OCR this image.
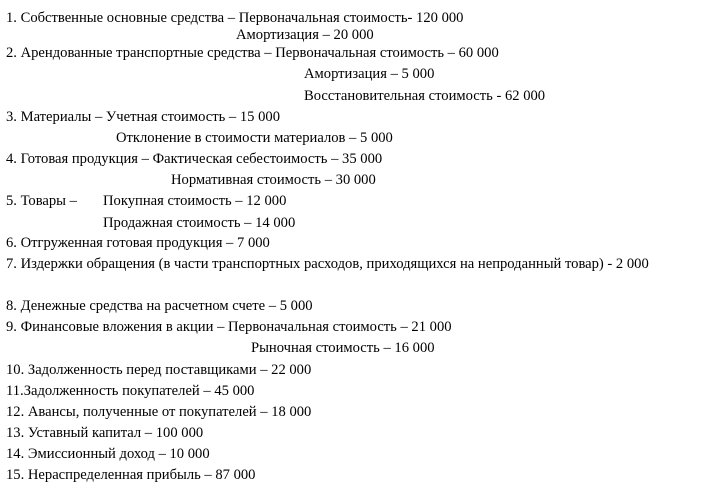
1. Собственные основные средства – Первоначальная стоимость- 120 000
Амортизация – 20 000
2. Арендованные транспортные средства – Первоначальная стоимость – 60 000
Амортизация – 5 000
Восстановительная стоимость - 62 000
3. Материалы – Учетная стоимость – 15 000
Отклонение в стоимости материалов – 5 000
4. Готовая продукция – Фактическая себестоимость – 35 000
Нормативная стоимость – 30 000
5. Товары – Покупная стоимость – 12 000
Продажная стоимость – 14 000
6. Отгруженная готовая продукция – 7 000
7. Издержки обращения (в части транспортных расходов, приходящихся на непроданный товар) - 2 000
8. Денежные средства на расчетном счете – 5 000
9. Финансовые вложения в акции – Первоначальная стоимость – 21 000
Рыночная стоимость – 16 000
10. Задолженность перед поставщиками – 22 000
11.Задолженность покупателей – 45 000
12. Авансы, полученные от покупателей – 18 000
13. Уставный капитал – 100 000
14. Эмиссионный доход – 10 000
15. Нераспределенная прибыль – 87 000
